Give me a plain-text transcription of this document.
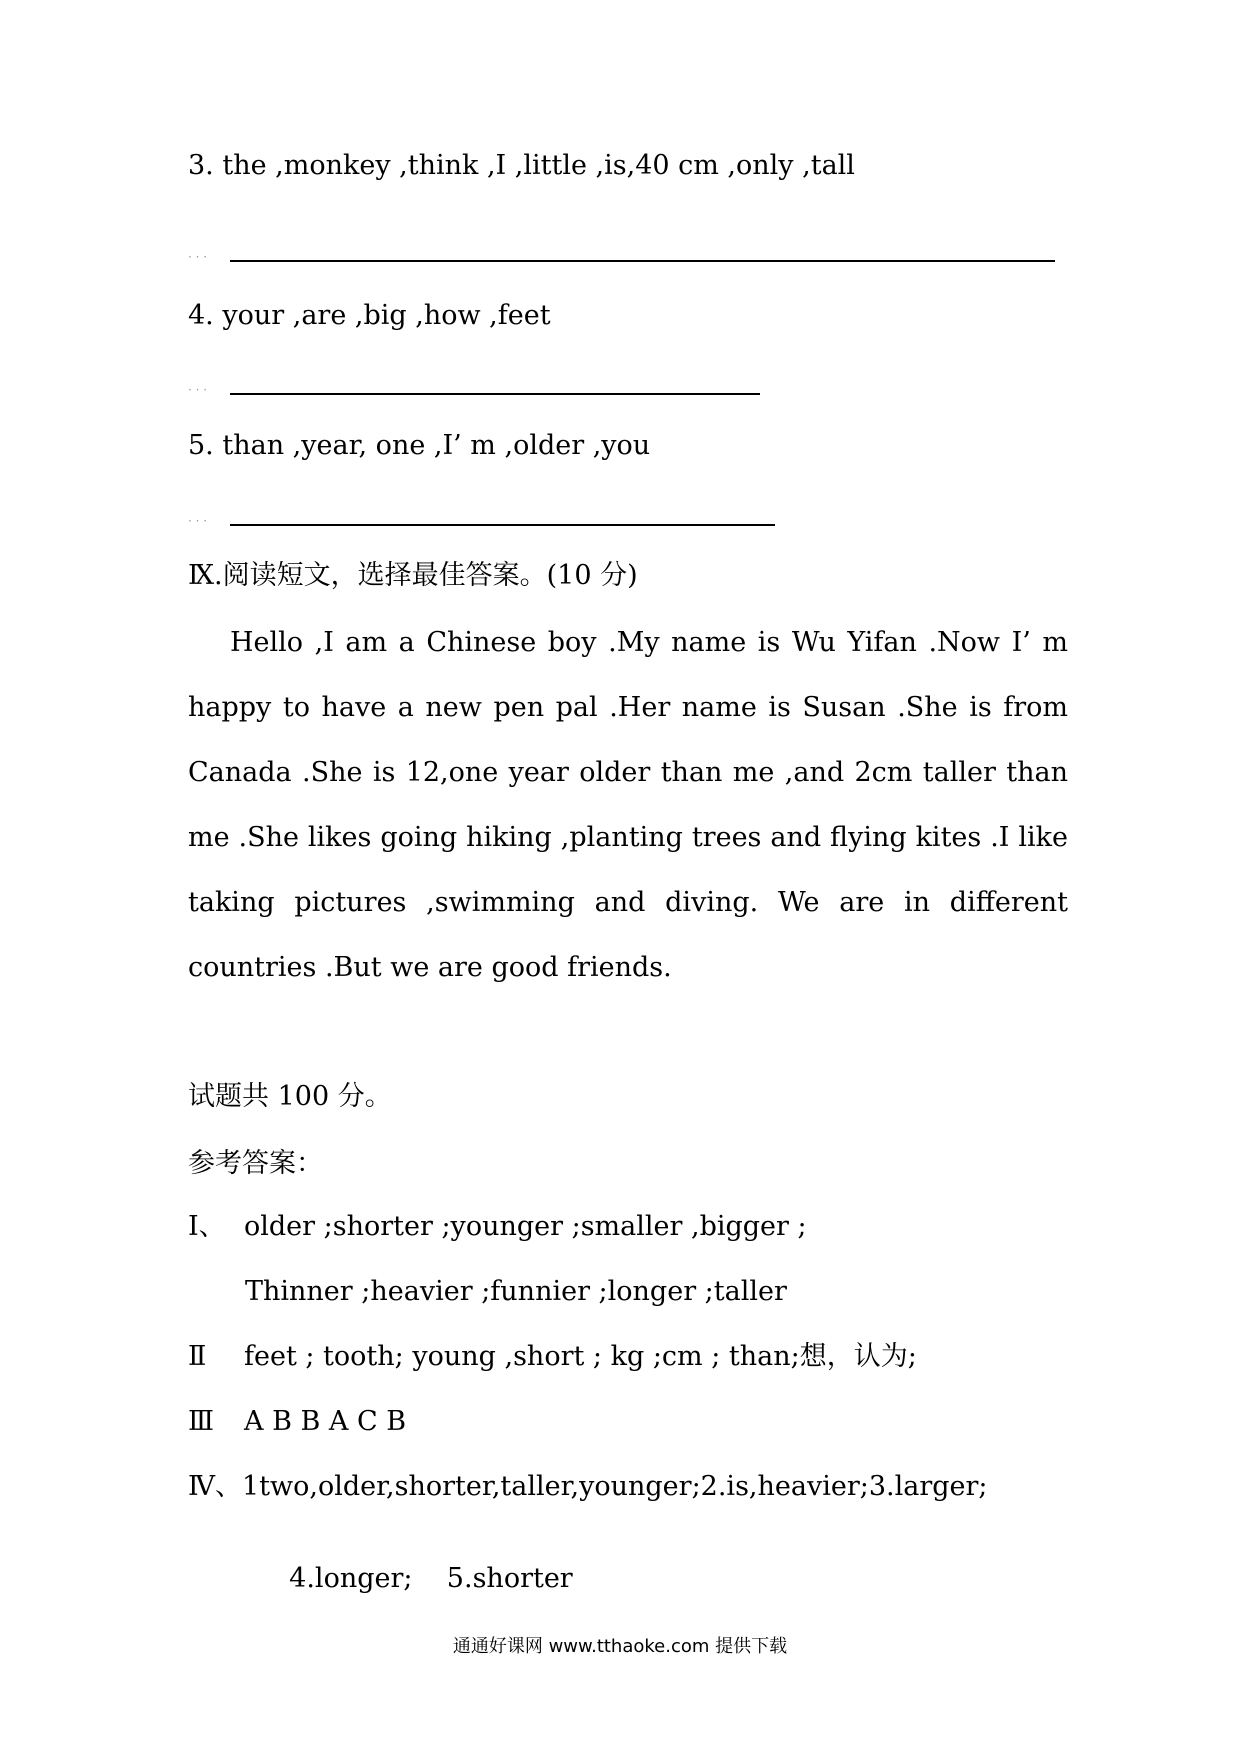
3. the ,monkey ,think ,I ,little ,is,40 cm ,only ,tall
· · ·
4. your ,are ,big ,how ,feet
· · ·
5. than ,year, one ,I’ m ,older ,you
· · ·
Ⅸ.阅读短文，选择最佳答案。(10 分)
Hello ,I am a Chinese boy .My name is Wu Yifan .Now I’ m happy to have a new pen pal .Her name is Susan .She is from Canada .She is 12,one year older than me ,and 2cm taller than me .She likes going hiking ,planting trees and flying kites .I like taking pictures ,swimming and diving. We are in different countries .But we are good friends.
试题共 100 分。
参考答案：
Ⅰ、 older ;shorter ;younger ;smaller ,bigger ;
Thinner ;heavier ;funnier ;longer ;taller
Ⅱ feet ; tooth; young ,short ; kg ;cm ; than;想，认为;
Ⅲ A B B A C B
Ⅳ、1two,older,shorter,taller,younger;2.is,heavier;3.larger;

4.longer;    5.shorter

通通好课网 www.tthaoke.com 提供下载
